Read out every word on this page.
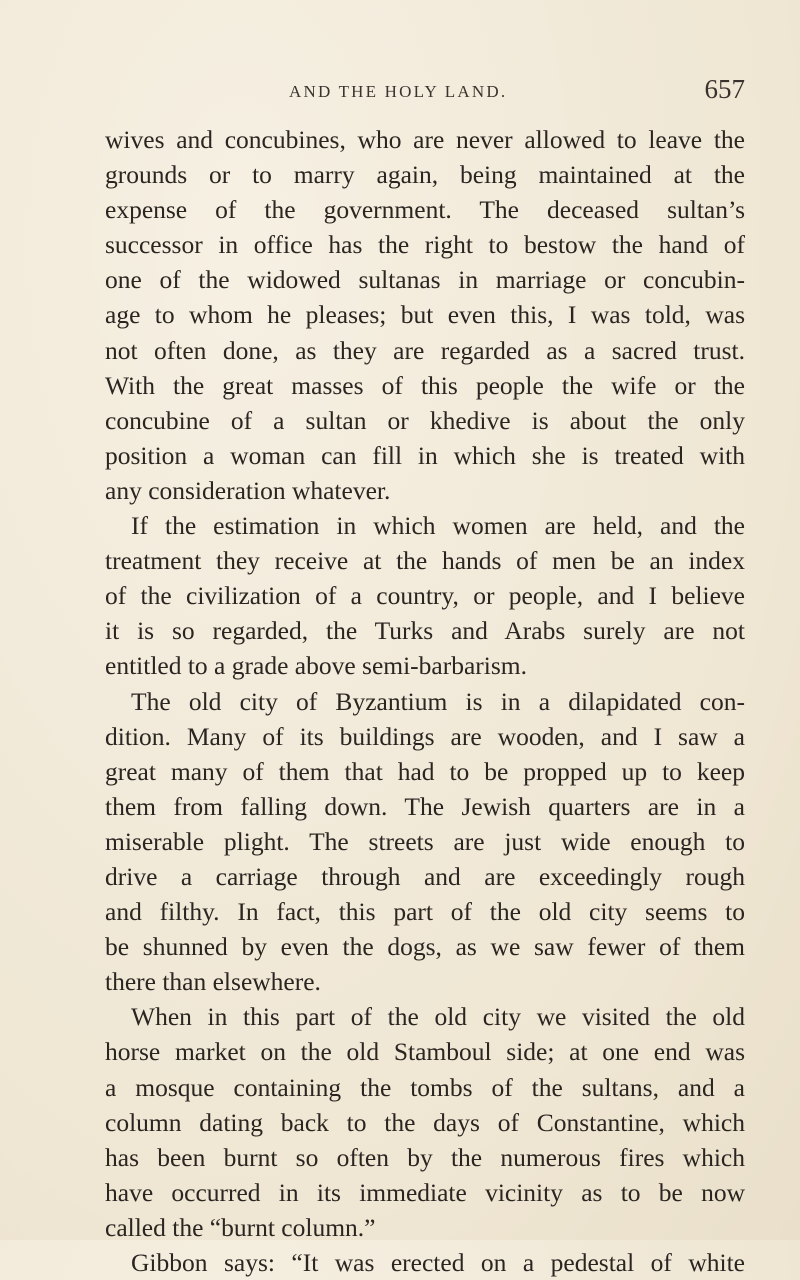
AND THE HOLY LAND.	657
wives and concubines, who are never allowed to leave the
grounds or to marry again, being maintained at the
expense of the government. The deceased sultan’s
successor in office has the right to bestow the hand of
one of the widowed sultanas in marriage or concubin-
age to whom he pleases; but even this, I was told, was
not often done, as they are regarded as a sacred trust.
With the great masses of this people the wife or the
concubine of a sultan or khedive is about the only
position a woman can fill in which she is treated with
any consideration whatever.
If the estimation in which women are held, and the
treatment they receive at the hands of men be an index
of the civilization of a country, or people, and I believe
it is so regarded, the Turks and Arabs surely are not
entitled to a grade above semi-barbarism.
The old city of Byzantium is in a dilapidated con-
dition. Many of its buildings are wooden, and I saw a
great many of them that had to be propped up to keep
them from falling down. The Jewish quarters are in a
miserable plight. The streets are just wide enough to
drive a carriage through and are exceedingly rough
and filthy. In fact, this part of the old city seems to
be shunned by even the dogs, as we saw fewer of them
there than elsewhere.
When in this part of the old city we visited the old
horse market on the old Stamboul side; at one end was
a mosque containing the tombs of the sultans, and a
column dating back to the days of Constantine, which
has been burnt so often by the numerous fires which
have occurred in its immediate vicinity as to be now
called the “burnt column.”
Gibbon says: “It was erected on a pedestal of white
